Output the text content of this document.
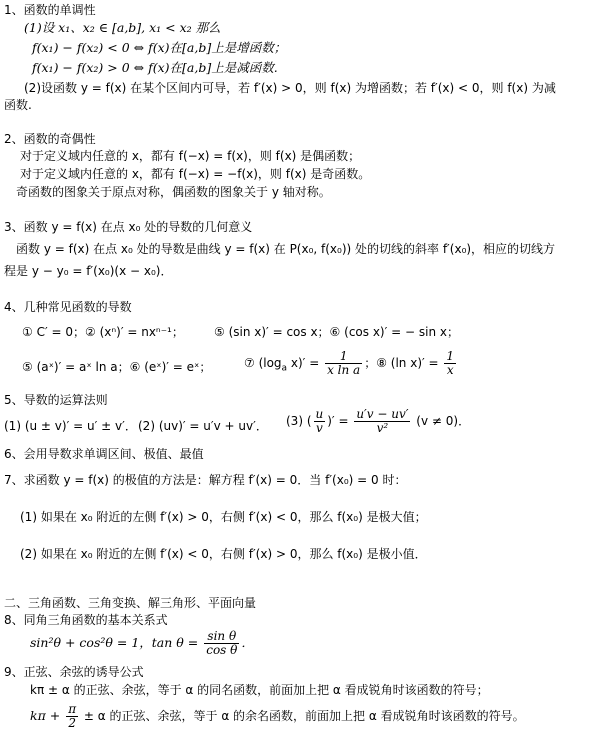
1、函数的单调性
(1)设 x₁、x₂ ∈ [a,b], x₁ < x₂ 那么
f(x₁) − f(x₂) < 0 ⇔ f(x)在[a,b]上是增函数；
f(x₁) − f(x₂) > 0 ⇔ f(x)在[a,b]上是减函数.
(2)设函数 y = f(x) 在某个区间内可导，若 f′(x) > 0，则 f(x) 为增函数；若 f′(x) < 0，则 f(x) 为减
函数.
2、函数的奇偶性
对于定义域内任意的 x，都有 f(−x) = f(x)，则 f(x) 是偶函数；
对于定义域内任意的 x，都有 f(−x) = −f(x)，则 f(x) 是奇函数。
奇函数的图象关于原点对称，偶函数的图象关于 y 轴对称。
3、函数 y = f(x) 在点 x₀ 处的导数的几何意义
函数 y = f(x) 在点 x₀ 处的导数是曲线 y = f(x) 在 P(x₀, f(x₀)) 处的切线的斜率 f′(x₀)，相应的切线方
程是 y − y₀ = f′(x₀)(x − x₀)．
4、几种常见函数的导数
① C′ = 0；② (xⁿ)′ = nxⁿ⁻¹；	⑤ (sin x)′ = cos x；⑥ (cos x)′ = − sin x；
⑤ (aˣ)′ = aˣ ln a；⑥ (eˣ)′ = eˣ；	⑦ ($\log_a$ $x)' = \frac{1}{\text{x ln a}}$ ；⑧ (ln $x)' = \frac{1}{x}$
5、导数的运算法则
(1) (u ± v)′ = u′ ± v′． (2) (uv)′ = u′v + uv′． (3) ( $\frac{u}{v}$ )′ = $\frac{u'v - uv'}{\text{v²}} (v \ne 0)$．
6、会用导数求单调区间、极值、最值
7、求函数 y = f(x) 的极值的方法是：解方程 f′(x) = 0．当 f′(x₀) = 0 时：
(1) 如果在 x₀ 附近的左侧 f′(x) > 0，右侧 f′(x) < 0，那么 f(x₀) 是极大值；
(2) 如果在 x₀ 附近的左侧 f′(x) < 0，右侧 f′(x) > 0，那么 f(x₀) 是极小值．
二、三角函数、三角变换、解三角形、平面向量
8、同角三角函数的基本关系式
sin²θ + cos²θ = 1，$\tan \theta = \frac{\text{sin θ}}{\text{cos θ}}$ ．
9、正弦、余弦的诱导公式
kπ ± α 的正弦、余弦，等于 α 的同名函数，前面加上把 α 看成锐角时该函数的符号；
$k\pi + \frac{\pi}{2} \pm \alpha$ 的正弦、余弦，等于 α 的余名函数，前面加上把 α 看成锐角时该函数的符号。
